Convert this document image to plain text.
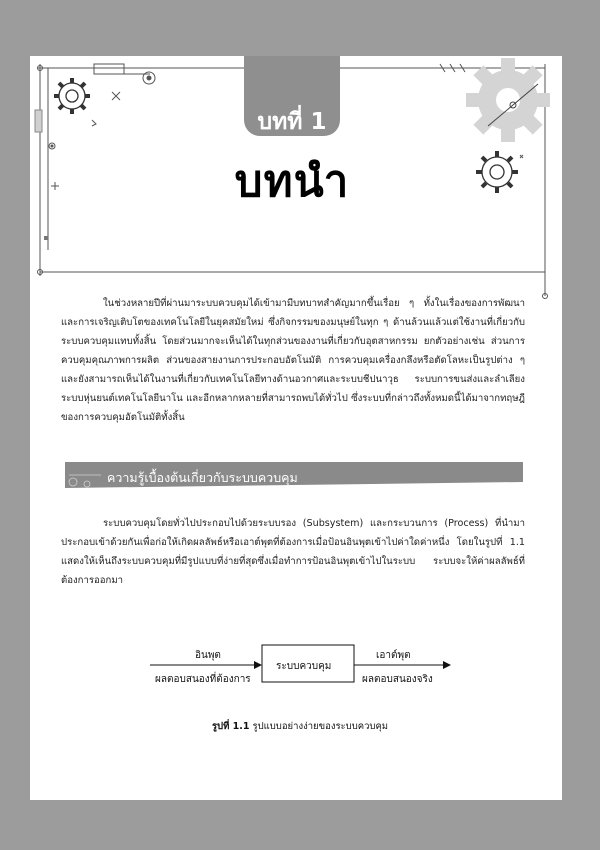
บทที่ 1
บทนำ
ในช่วงหลายปีที่ผ่านมาระบบควบคุมได้เข้ามามีบทบาทสำคัญมากขึ้นเรื่อย ๆ ทั้งในเรื่องของการพัฒนาและการเจริญเติบโตของเทคโนโลยีในยุคสมัยใหม่ ซึ่งกิจกรรมของมนุษย์ในทุก ๆ ด้านล้วนแล้วแต่ใช้งานที่เกี่ยวกับระบบควบคุมแทบทั้งสิ้น โดยส่วนมากจะเห็นได้ในทุกส่วนของงานที่เกี่ยวกับอุตสาหกรรม ยกตัวอย่างเช่น ส่วนการควบคุมคุณภาพการผลิต ส่วนของสายงานการประกอบอัตโนมัติ การควบคุมเครื่องกลึงหรือตัดโลหะเป็นรูปต่าง ๆ และยังสามารถเห็นได้ในงานที่เกี่ยวกับเทคโนโลยีทางด้านอวกาศและระบบชีปนาวุธ ระบบการขนส่งและลำเลียง ระบบหุ่นยนต์เทคโนโลยีนาโน และอีกหลากหลายที่สามารถพบได้ทั่วไป ซึ่งระบบที่กล่าวถึงทั้งหมดนี้ได้มาจากทฤษฎีของการควบคุมอัตโนมัติทั้งสิ้น
ความรู้เบื้องต้นเกี่ยวกับระบบควบคุม
ระบบควบคุมโดยทั่วไปประกอบไปด้วยระบบรอง (Subsystem) และกระบวนการ (Process) ที่นำมาประกอบเข้าด้วยกันเพื่อก่อให้เกิดผลลัพธ์หรือเอาต์พุตที่ต้องการเมื่อป้อนอินพุตเข้าไปค่าใดค่าหนึ่ง โดยในรูปที่ 1.1 แสดงให้เห็นถึงระบบควบคุมที่มีรูปแบบที่ง่ายที่สุดซึ่งเมื่อทำการป้อนอินพุตเข้าไปในระบบ ระบบจะให้ค่าผลลัพธ์ที่ต้องการออกมา
อินพุต
ผลตอบสนองที่ต้องการ
ระบบควบคุม
เอาต์พุต
ผลตอบสนองจริง
รูปที่ 1.1 รูปแบบอย่างง่ายของระบบควบคุม
